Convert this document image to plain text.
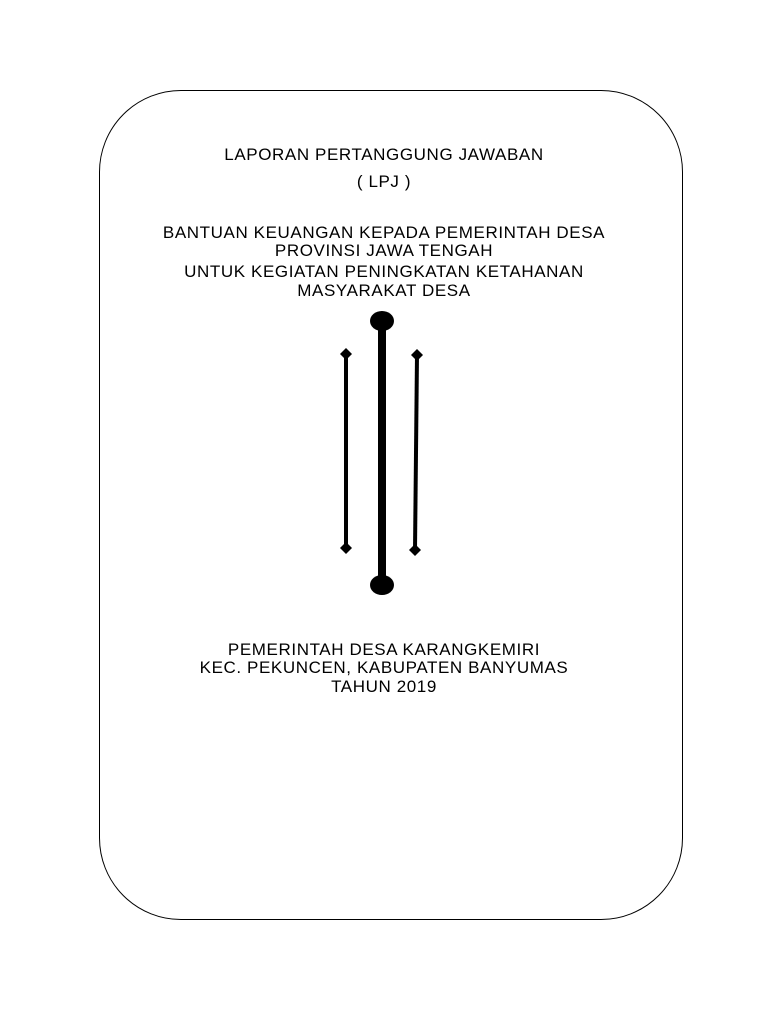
LAPORAN PERTANGGUNG JAWABAN
( LPJ )
BANTUAN KEUANGAN KEPADA PEMERINTAH DESA
PROVINSI JAWA TENGAH
UNTUK KEGIATAN PENINGKATAN KETAHANAN
MASYARAKAT DESA
PEMERINTAH DESA KARANGKEMIRI
KEC. PEKUNCEN, KABUPATEN BANYUMAS
TAHUN 2019
